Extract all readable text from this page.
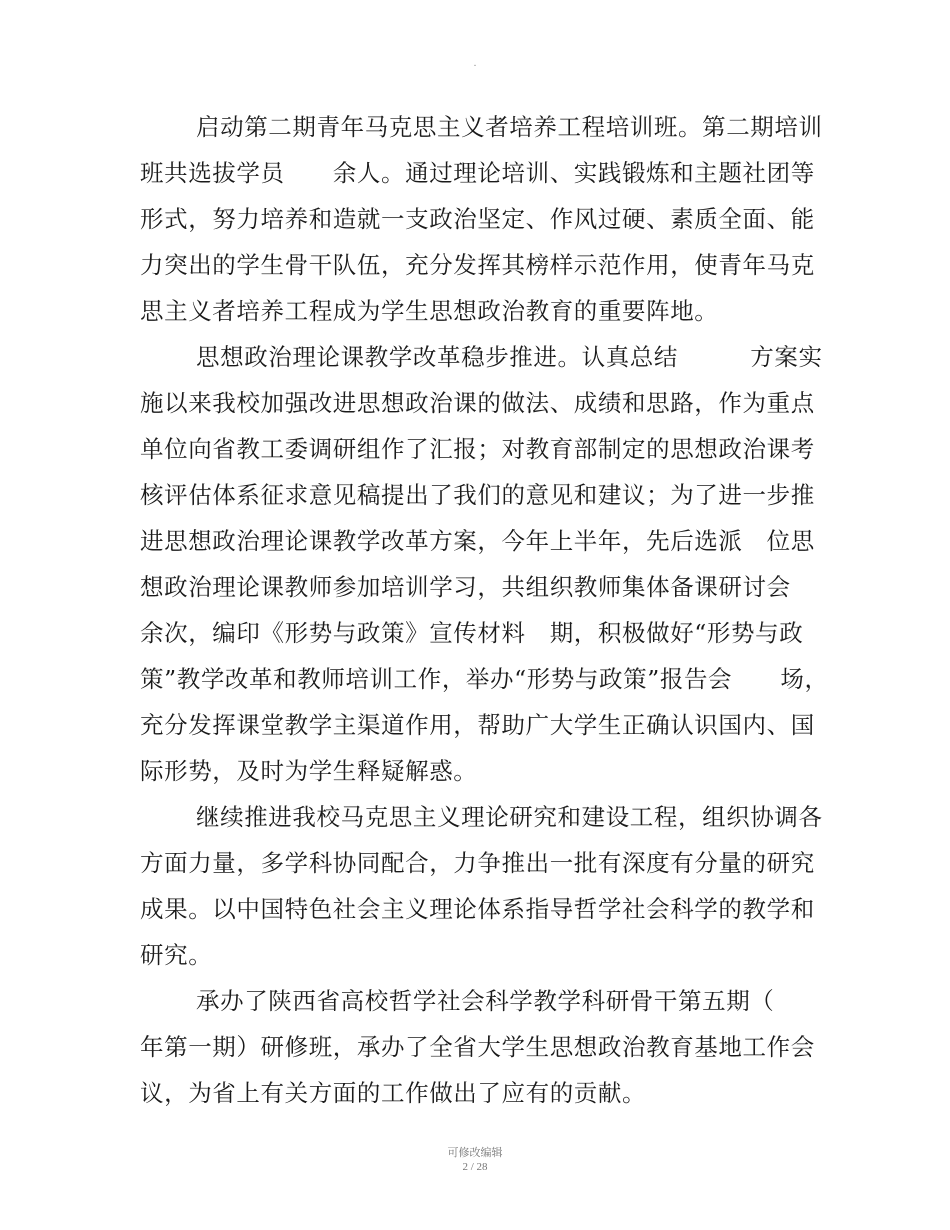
.
启动第二期青年马克思主义者培养工程培训班。第二期培训
班共选拔学员　　余人。通过理论培训、实践锻炼和主题社团等
形式，努力培养和造就一支政治坚定、作风过硬、素质全面、能
力突出的学生骨干队伍，充分发挥其榜样示范作用，使青年马克
思主义者培养工程成为学生思想政治教育的重要阵地。
思想政治理论课教学改革稳步推进。认真总结　　　方案实
施以来我校加强改进思想政治课的做法、成绩和思路，作为重点
单位向省教工委调研组作了汇报；对教育部制定的思想政治课考
核评估体系征求意见稿提出了我们的意见和建议；为了进一步推
进思想政治理论课教学改革方案，今年上半年，先后选派　位思
想政治理论课教师参加培训学习，共组织教师集体备课研讨会
余次，编印《形势与政策》宣传材料　期，积极做好“形势与政
策”教学改革和教师培训工作，举办“形势与政策”报告会　　场，
充分发挥课堂教学主渠道作用，帮助广大学生正确认识国内、国
际形势，及时为学生释疑解惑。
继续推进我校马克思主义理论研究和建设工程，组织协调各
方面力量，多学科协同配合，力争推出一批有深度有分量的研究
成果。以中国特色社会主义理论体系指导哲学社会科学的教学和
研究。
承办了陕西省高校哲学社会科学教学科研骨干第五期（
年第一期）研修班，承办了全省大学生思想政治教育基地工作会
议，为省上有关方面的工作做出了应有的贡献。
可修改编辑
2 / 28
